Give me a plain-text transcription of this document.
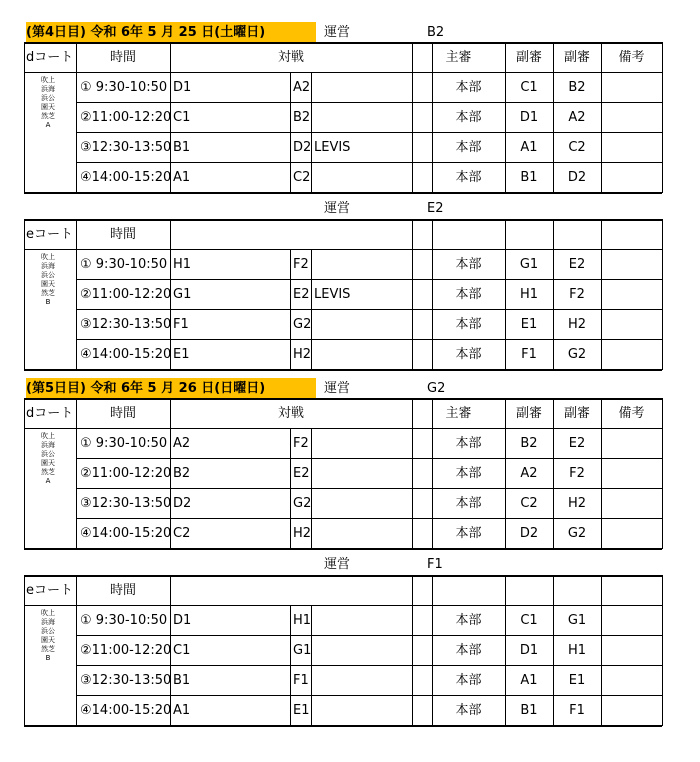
(第4日目) 令和 6年 5 月 25 日(土曜日)	運営	B2
dコート	時間	対戦	主審	副審	副審	備考
吹上浜海浜公園天然芝A
① 9:30-10:50 D1	A2	本部	C1	B2
②11:00-12:20 C1	B2	本部	D1	A2
③12:30-13:50 B1	D2 LEVIS	本部	A1	C2
④14:00-15:20 A1	C2	本部	B1	D2
運営	E2
eコート	時間
吹上浜海浜公園天然芝B
① 9:30-10:50 H1	F2	本部	G1	E2
②11:00-12:20 G1	E2 LEVIS	本部	H1	F2
③12:30-13:50 F1	G2	本部	E1	H2
④14:00-15:20 E1	H2	本部	F1	G2
(第5日目) 令和 6年 5 月 26 日(日曜日)	運営	G2
dコート	時間	対戦	主審	副審	副審	備考
吹上浜海浜公園天然芝A
① 9:30-10:50 A2	F2	本部	B2	E2
②11:00-12:20 B2	E2	本部	A2	F2
③12:30-13:50 D2	G2	本部	C2	H2
④14:00-15:20 C2	H2	本部	D2	G2
運営	F1
eコート	時間
吹上浜海浜公園天然芝B
① 9:30-10:50 D1	H1	本部	C1	G1
②11:00-12:20 C1	G1	本部	D1	H1
③12:30-13:50 B1	F1	本部	A1	E1
④14:00-15:20 A1	E1	本部	B1	F1
